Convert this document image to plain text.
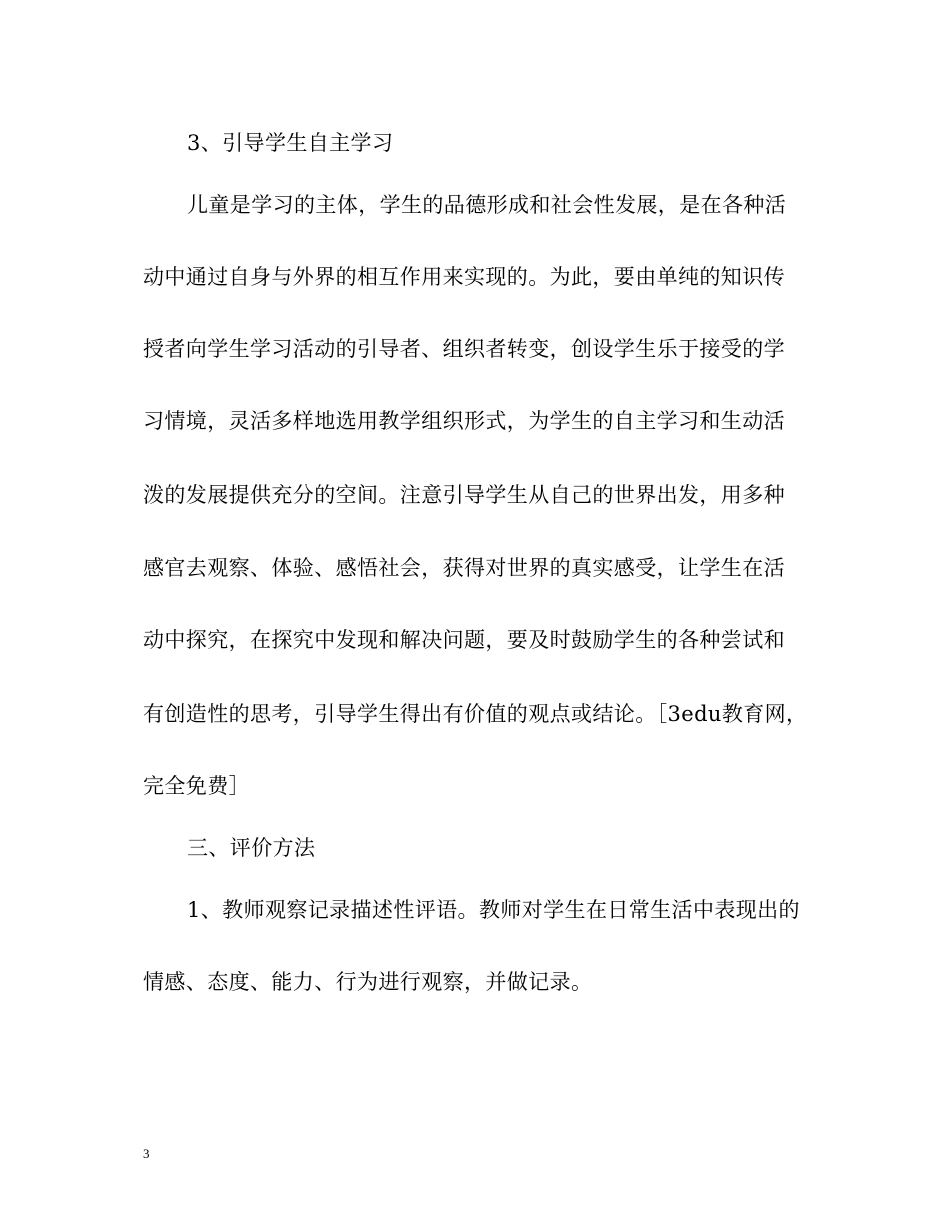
3、引导学生自主学习
儿童是学习的主体，学生的品德形成和社会性发展，是在各种活
动中通过自身与外界的相互作用来实现的。为此，要由单纯的知识传
授者向学生学习活动的引导者、组织者转变，创设学生乐于接受的学
习情境，灵活多样地选用教学组织形式，为学生的自主学习和生动活
泼的发展提供充分的空间。注意引导学生从自己的世界出发，用多种
感官去观察、体验、感悟社会，获得对世界的真实感受，让学生在活
动中探究，在探究中发现和解决问题，要及时鼓励学生的各种尝试和
有创造性的思考，引导学生得出有价值的观点或结论。［3edu教育网，
完全免费］
三、评价方法
1、教师观察记录描述性评语。教师对学生在日常生活中表现出的
情感、态度、能力、行为进行观察，并做记录。
3
